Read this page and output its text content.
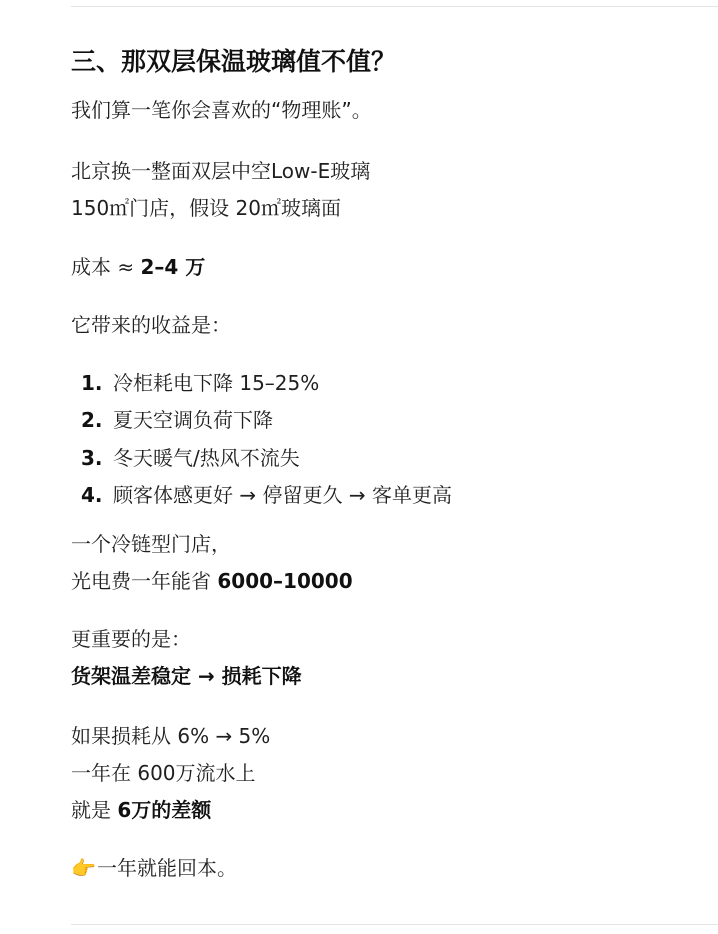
三、那双层保温玻璃值不值？
我们算一笔你会喜欢的“物理账”。
北京换一整面双层中空Low-E玻璃
150㎡门店，假设 20㎡玻璃面
成本 ≈ 2–4 万
它带来的收益是：
1. 冷柜耗电下降 15–25%
2. 夏天空调负荷下降
3. 冬天暖气/热风不流失
4. 顾客体感更好 → 停留更久 → 客单更高
一个冷链型门店，
光电费一年能省 6000–10000
更重要的是：
货架温差稳定 → 损耗下降
如果损耗从 6% → 5%
一年在 600万流水上
就是 6万的差额
👉一年就能回本。
